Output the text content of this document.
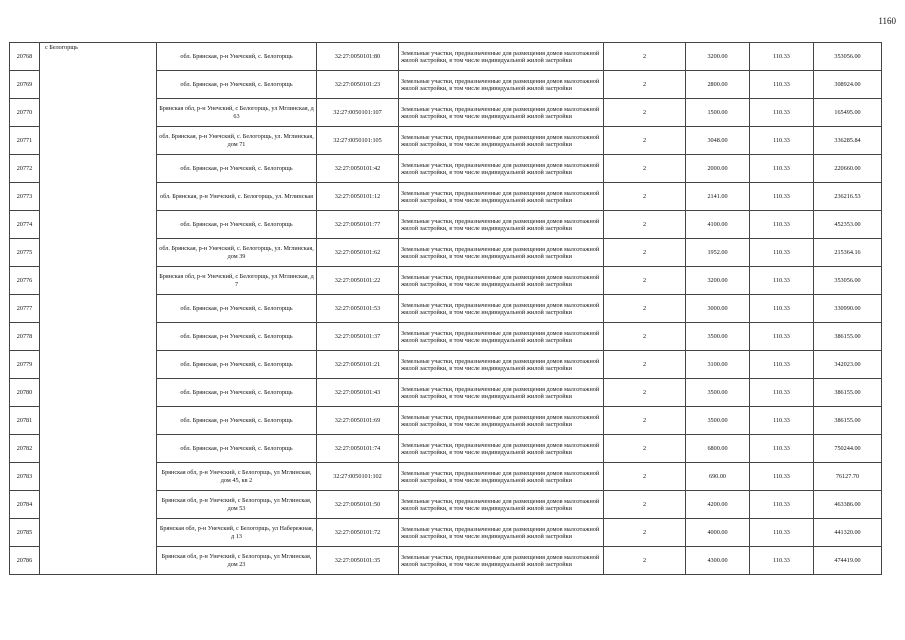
1160
20768	с Белогорщь	обл. Брянская, р-н Унечский, с. Белогорщь	32:27:0050101:80	Земельные участки, предназначенные для размещения домов малоэтажной жилой застройки, в том числе индивидуальной жилой застройки	2	3200.00	110.33	353056.00
20769		обл. Брянская, р-н Унечский, с. Белогорщь	32:27:0050101:23	Земельные участки, предназначенные для размещения домов малоэтажной жилой застройки, в том числе индивидуальной жилой застройки	2	2800.00	110.33	308924.00
20770		Брянская обл, р-н Унечский, с Белогорщь, ул Мглинская, д 63	32:27:0050101:107	Земельные участки, предназначенные для размещения домов малоэтажной жилой застройки, в том числе индивидуальной жилой застройки	2	1500.00	110.33	165495.00
20771		обл. Брянская, р-н Унечский, с. Белогорщь, ул. Мглинская, дом 71	32:27:0050101:105	Земельные участки, предназначенные для размещения домов малоэтажной жилой застройки, в том числе индивидуальной жилой застройки	2	3048.00	110.33	336285.84
20772		обл. Брянская, р-н Унечский, с. Белогорщь	32:27:0050101:42	Земельные участки, предназначенные для размещения домов малоэтажной жилой застройки, в том числе индивидуальной жилой застройки	2	2000.00	110.33	220660.00
20773		обл. Брянская, р-н Унечский, с. Белогорщь, ул. Мглинская	32:27:0050101:12	Земельные участки, предназначенные для размещения домов малоэтажной жилой застройки, в том числе индивидуальной жилой застройки	2	2141.00	110.33	236216.53
20774		обл. Брянская, р-н Унечский, с. Белогорщь	32:27:0050101:77	Земельные участки, предназначенные для размещения домов малоэтажной жилой застройки, в том числе индивидуальной жилой застройки	2	4100.00	110.33	452353.00
20775		обл. Брянская, р-н Унечский, с. Белогорщь, ул. Мглинская, дом 39	32:27:0050101:62	Земельные участки, предназначенные для размещения домов малоэтажной жилой застройки, в том числе индивидуальной жилой застройки	2	1952.00	110.33	215364.16
20776		Брянская обл, р-н Унечский, с Белогорщь, ул Мглинская, д 7	32:27:0050101:22	Земельные участки, предназначенные для размещения домов малоэтажной жилой застройки, в том числе индивидуальной жилой застройки	2	3200.00	110.33	353056.00
20777		обл. Брянская, р-н Унечский, с. Белогорщь	32:27:0050101:53	Земельные участки, предназначенные для размещения домов малоэтажной жилой застройки, в том числе индивидуальной жилой застройки	2	3000.00	110.33	330990.00
20778		обл. Брянская, р-н Унечский, с. Белогорщь	32:27:0050101:37	Земельные участки, предназначенные для размещения домов малоэтажной жилой застройки, в том числе индивидуальной жилой застройки	2	3500.00	110.33	386155.00
20779		обл. Брянская, р-н Унечский, с. Белогорщь	32:27:0050101:21	Земельные участки, предназначенные для размещения домов малоэтажной жилой застройки, в том числе индивидуальной жилой застройки	2	3100.00	110.33	342023.00
20780		обл. Брянская, р-н Унечский, с. Белогорщь	32:27:0050101:43	Земельные участки, предназначенные для размещения домов малоэтажной жилой застройки, в том числе индивидуальной жилой застройки	2	3500.00	110.33	386155.00
20781		обл. Брянская, р-н Унечский, с. Белогорщь	32:27:0050101:69	Земельные участки, предназначенные для размещения домов малоэтажной жилой застройки, в том числе индивидуальной жилой застройки	2	3500.00	110.33	386155.00
20782		обл. Брянская, р-н Унечский, с. Белогорщь	32:27:0050101:74	Земельные участки, предназначенные для размещения домов малоэтажной жилой застройки, в том числе индивидуальной жилой застройки	2	6800.00	110.33	750244.00
20783		Брянская обл, р-н Унечский, с Белогорщь, ул Мглинская, дом 45, кв 2	32:27:0050101:102	Земельные участки, предназначенные для размещения домов малоэтажной жилой застройки, в том числе индивидуальной жилой застройки	2	690.00	110.33	76127.70
20784		Брянская обл, р-н Унечский, с Белогорщь, ул Мглинская, дом 53	32:27:0050101:50	Земельные участки, предназначенные для размещения домов малоэтажной жилой застройки, в том числе индивидуальной жилой застройки	2	4200.00	110.33	463386.00
20785		Брянская обл, р-н Унечский, с Белогорщь, ул Набережная, д 13	32:27:0050101:72	Земельные участки, предназначенные для размещения домов малоэтажной жилой застройки, в том числе индивидуальной жилой застройки	2	4000.00	110.33	441320.00
20786		Брянская обл, р-н Унечский, с Белогорщь, ул Мглинская, дом 23	32:27:0050101:35	Земельные участки, предназначенные для размещения домов малоэтажной жилой застройки, в том числе индивидуальной жилой застройки	2	4300.00	110.33	474419.00
